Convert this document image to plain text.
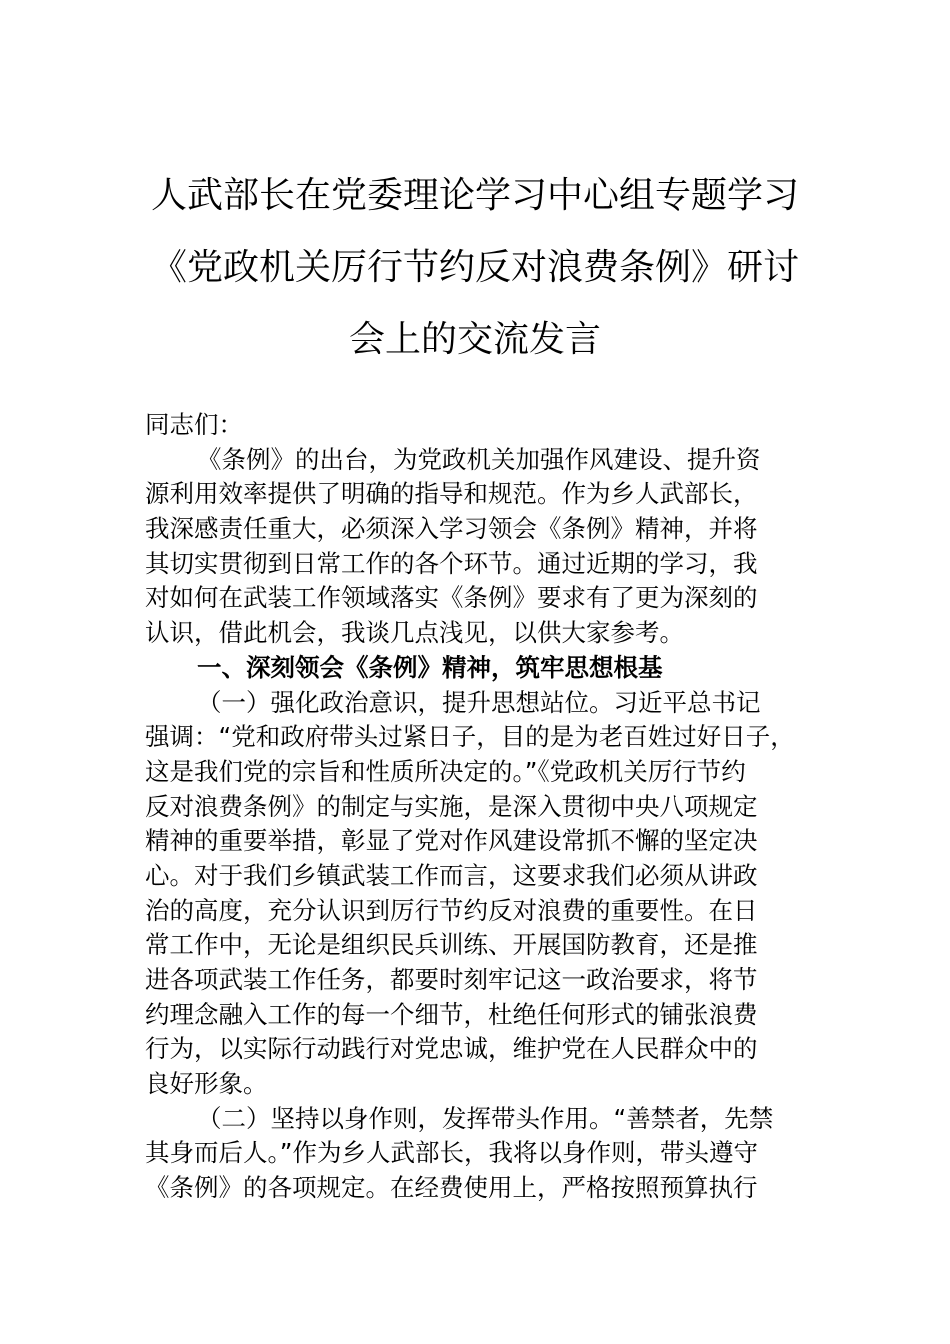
人武部长在党委理论学习中心组专题学习
《党政机关厉行节约反对浪费条例》研讨
会上的交流发言
同志们：
《条例》的出台，为党政机关加强作风建设、提升资
源利用效率提供了明确的指导和规范。作为乡人武部长，
我深感责任重大，必须深入学习领会《条例》精神，并将
其切实贯彻到日常工作的各个环节。通过近期的学习，我
对如何在武装工作领域落实《条例》要求有了更为深刻的
认识，借此机会，我谈几点浅见，以供大家参考。
一、深刻领会《条例》精神，筑牢思想根基
（一）强化政治意识，提升思想站位。习近平总书记
强调：“党和政府带头过紧日子，目的是为老百姓过好日子，
这是我们党的宗旨和性质所决定的。”《党政机关厉行节约
反对浪费条例》的制定与实施，是深入贯彻中央八项规定
精神的重要举措，彰显了党对作风建设常抓不懈的坚定决
心。对于我们乡镇武装工作而言，这要求我们必须从讲政
治的高度，充分认识到厉行节约反对浪费的重要性。在日
常工作中，无论是组织民兵训练、开展国防教育，还是推
进各项武装工作任务，都要时刻牢记这一政治要求，将节
约理念融入工作的每一个细节，杜绝任何形式的铺张浪费
行为，以实际行动践行对党忠诚，维护党在人民群众中的
良好形象。
（二）坚持以身作则，发挥带头作用。“善禁者，先禁
其身而后人。”作为乡人武部长，我将以身作则，带头遵守
《条例》的各项规定。在经费使用上，严格按照预算执行
